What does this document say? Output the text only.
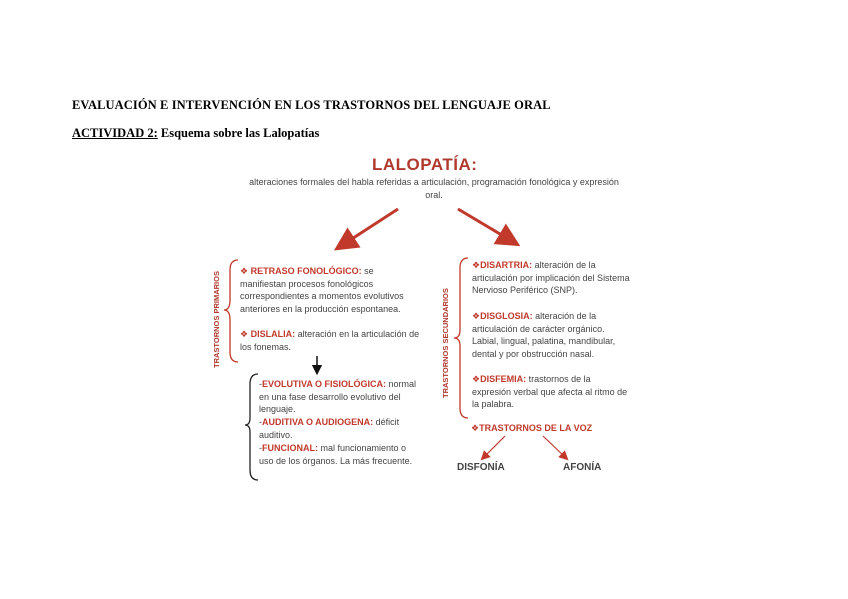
EVALUACIÓN E INTERVENCIÓN EN LOS TRASTORNOS DEL LENGUAJE ORAL
ACTIVIDAD 2: Esquema sobre las Lalopatías
LALOPATÍA:
alteraciones formales del habla referidas a articulación, programación fonológica y expresión oral.
TRASTORNOS PRIMARIOS
❖ RETRASO FONOLÓGICO: se manifiestan procesos fonológicos correspondientes a momentos evolutivos anteriores en la producción espontanea.
❖ DISLALIA: alteración en la articulación de los fonemas.
-EVOLUTIVA O FISIOLÓGICA: normal en una fase desarrollo evolutivo del lenguaje.
-AUDITIVA O AUDIOGENA: déficit auditivo.
-FUNCIONAL: mal funcionamiento o uso de los órganos. La más frecuente.
TRASTORNOS SECUNDARIOS
❖DISARTRIA: alteración de la articulación por implicación del Sistema Nervioso Periférico (SNP).
❖DISGLOSIA: alteración de la articulación de carácter orgánico. Labial, lingual, palatina, mandibular, dental y por obstrucción nasal.
❖DISFEMIA: trastornos de la expresión verbal que afecta al ritmo de la palabra.
❖TRASTORNOS DE LA VOZ
DISFONÍA	AFONÍA
